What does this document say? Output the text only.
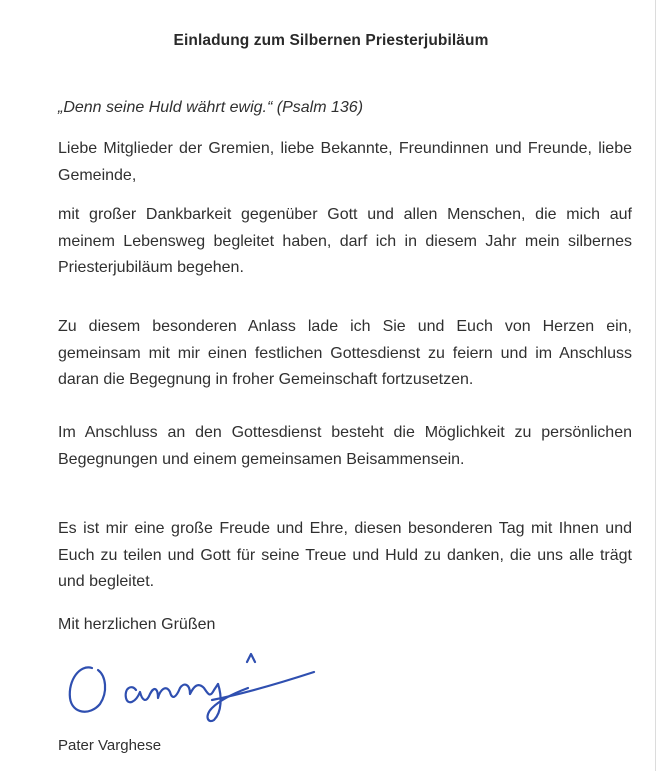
Einladung zum Silbernen Priesterjubiläum
„Denn seine Huld währt ewig.“ (Psalm 136)
Liebe Mitglieder der Gremien, liebe Bekannte, Freundinnen und Freunde, liebe Gemeinde,
mit großer Dankbarkeit gegenüber Gott und allen Menschen, die mich auf meinem Lebensweg begleitet haben, darf ich in diesem Jahr mein silbernes Priesterjubiläum begehen.
Zu diesem besonderen Anlass lade ich Sie und Euch von Herzen ein, gemeinsam mit mir einen festlichen Gottesdienst zu feiern und im Anschluss daran die Begegnung in froher Gemeinschaft fortzusetzen.
Im Anschluss an den Gottesdienst besteht die Möglichkeit zu persönlichen Begegnungen und einem gemeinsamen Beisammensein.
Es ist mir eine große Freude und Ehre, diesen besonderen Tag mit Ihnen und Euch zu teilen und Gott für seine Treue und Huld zu danken, die uns alle trägt und begleitet.
Mit herzlichen Grüßen
Pater Varghese
